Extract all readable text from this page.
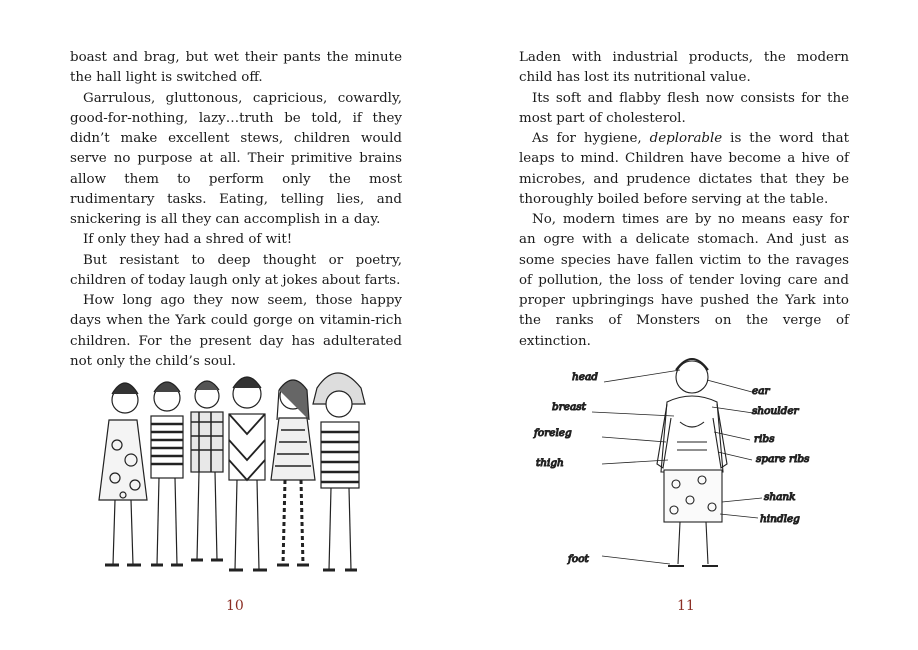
boast and brag, but wet their pants the minute the hall light is switched off.

Garrulous, gluttonous, capricious, cowardly, good-for-nothing, lazy…truth be told, if they didn’t make excellent stews, children would serve no purpose at all. Their primitive brains allow them to perform only the most rudimentary tasks. Eating, telling lies, and snickering is all they can accomplish in a day.

If only they had a shred of wit!

But resistant to deep thought or poetry, children of today laugh only at jokes about farts.

How long ago they now seem, those happy days when the Yark could gorge on vitamin-rich children. For the present day has adulterated not only the child’s soul.

10

Laden with industrial products, the modern child has lost its nutritional value.

Its soft and flabby flesh now consists for the most part of cholesterol.

As for hygiene, deplorable is the word that leaps to mind. Children have become a hive of microbes, and prudence dictates that they be thoroughly boiled before serving at the table.

No, modern times are by no means easy for an ogre with a delicate stomach. And just as some species have fallen victim to the ravages of pollution, the loss of tender loving care and proper upbringings have pushed the Yark into the ranks of Monsters on the verge of extinction.

head
ear
breast	shoulder
foreleg	ribs
thigh	spare ribs
shank
hindleg
foot
11
